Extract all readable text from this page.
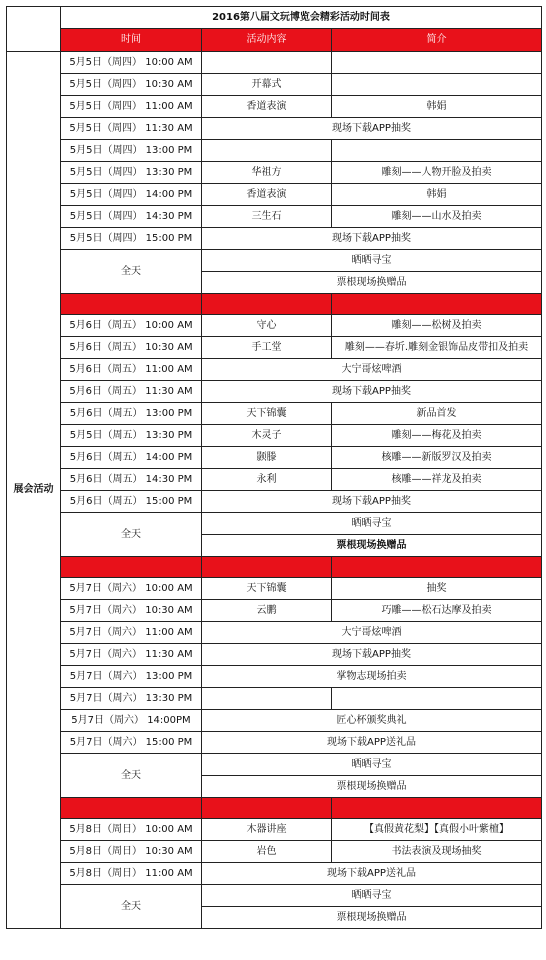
	2016第八届文玩博览会精彩活动时间表		
	时间	活动内容	简介
展会活动	5月5日（周四） 10:00 AM		
	5月5日（周四） 10:30 AM	开幕式	
	5月5日（周四） 11:00 AM	香道表演	韩娟
	5月5日（周四） 11:30 AM	现场下载APP抽奖	
	5月5日（周四） 13:00 PM		
	5月5日（周四） 13:30 PM	华祖方	雕刻——人物开脸及拍卖
	5月5日（周四） 14:00 PM	香道表演	韩娟
	5月5日（周四） 14:30 PM	三生石	雕刻——山水及拍卖
	5月5日（周四） 15:00 PM	现场下载APP抽奖	
	全天	晒晒寻宝	
		票根现场换赠品	

	5月6日（周五） 10:00 AM	守心	雕刻——松树及拍卖
	5月6日（周五） 10:30 AM	手工堂	雕刻——春圻.雕刻金银饰品皮带扣及拍卖
	5月6日（周五） 11:00 AM	大宁哥炫啤酒	
	5月6日（周五） 11:30 AM	现场下载APP抽奖	
	5月6日（周五） 13:00 PM	天下锦囊	新品首发
	5月5日（周五） 13:30 PM	木灵子	雕刻——梅花及拍卖
	5月6日（周五） 14:00 PM	颢滕	核雕——新版罗汉及拍卖
	5月6日（周五） 14:30 PM	永利	核雕——祥龙及拍卖
	5月6日（周五） 15:00 PM	现场下载APP抽奖	
	全天	晒晒寻宝	
		票根现场换赠品	

	5月7日（周六） 10:00 AM	天下锦囊	抽奖
	5月7日（周六） 10:30 AM	云鹏	巧雕——松石达摩及拍卖
	5月7日（周六） 11:00 AM	大宁哥炫啤酒	
	5月7日（周六） 11:30 AM	现场下载APP抽奖	
	5月7日（周六） 13:00 PM	掌物志现场拍卖	
	5月7日（周六） 13:30 PM		
	5月7日（周六） 14:00PM	匠心杯颁奖典礼	
	5月7日（周六） 15:00 PM	现场下载APP送礼品	
	全天	晒晒寻宝	
		票根现场换赠品	

	5月8日（周日） 10:00 AM	木器讲座	【真假黄花梨】【真假小叶紫檀】
	5月8日（周日） 10:30 AM	岩色	书法表演及现场抽奖
	5月8日（周日） 11:00 AM	现场下载APP送礼品	
	全天	晒晒寻宝	
		票根现场换赠品	
